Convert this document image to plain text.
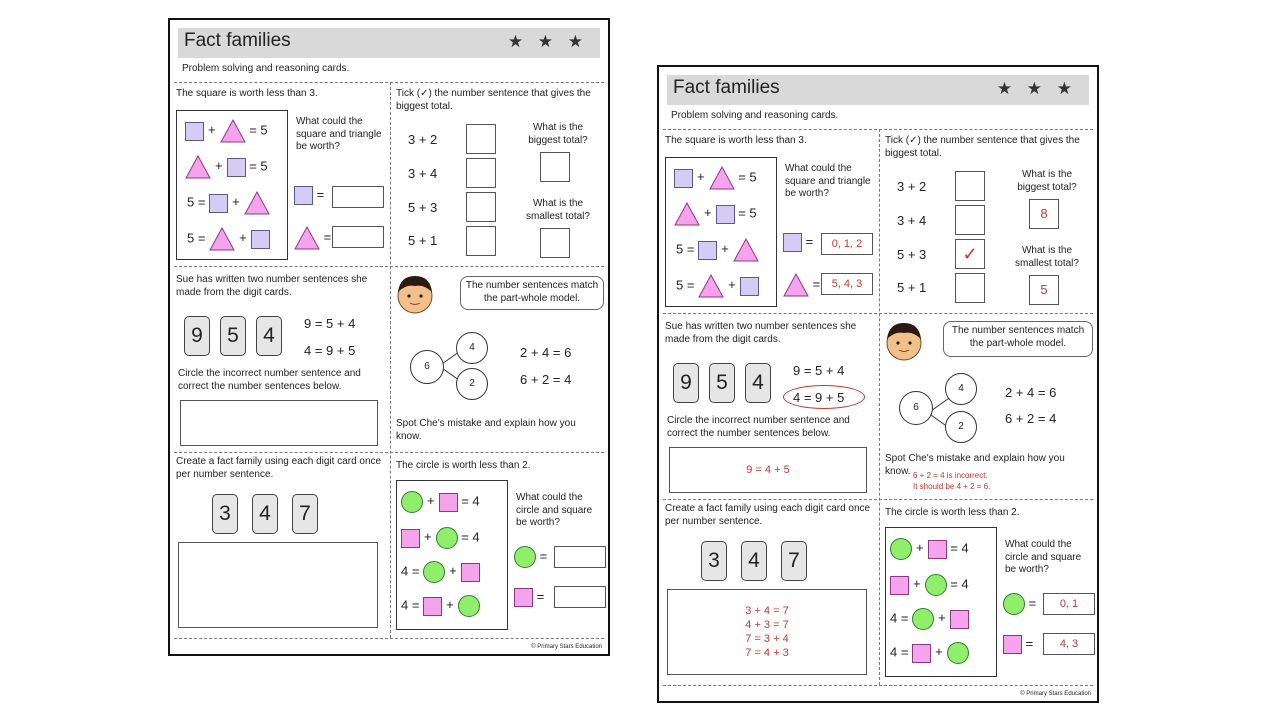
Fact families	★ ★ ★
Problem solving and reasoning cards.
The square is worth less than 3.
+	= 5
+ = 5
5 = +
5 =	+
What could the square and triangle be worth?
=
=
Tick (✓) the number sentence that gives the biggest total.
3 + 2
3 + 4
5 + 3
5 + 1
What is the biggest total?
What is the smallest total?
Sue has written two number sentences she made from the digit cards.
9	5	4
9 = 5 + 4
4 = 9 + 5
Circle the incorrect number sentence and correct the number sentences below.
The number sentences match the part-whole model.
6
4
2
2 + 4 = 6
6 + 2 = 4
Spot Che's mistake and explain how you know.
Create a fact family using each digit card once per number sentence.
3	4	7
The circle is worth less than 2.
+ = 4
+ = 4
4 = +
4 = +
What could the circle and square be worth?
=
=
© Primary Stars Education
Fact families	★ ★ ★
Problem solving and reasoning cards.
The square is worth less than 3.
+	= 5
+ = 5
5 = +
5 =	+
What could the square and triangle be worth?
=	0, 1, 2
=	5, 4, 3
Tick (✓) the number sentence that gives the biggest total.
3 + 2
3 + 4
5 + 3
5 + 1
✓
What is the biggest total?
8
What is the smallest total?
5
Sue has written two number sentences she made from the digit cards.
9	5	4
9 = 5 + 4
4 = 9 + 5
Circle the incorrect number sentence and correct the number sentences below.
9 = 4 + 5
The number sentences match the part-whole model.
6
4
2
2 + 4 = 6
6 + 2 = 4
Spot Che's mistake and explain how you know. 6 + 2 = 4 is incorrect.
It should be 4 + 2 = 6.
Create a fact family using each digit card once per number sentence.
3	4	7
3 + 4 = 7
4 + 3 = 7
7 = 3 + 4
7 = 4 + 3
The circle is worth less than 2.
+ = 4
+ = 4
4 = +
4 = +
What could the circle and square be worth?
=	0, 1
=	4, 3
© Primary Stars Education
